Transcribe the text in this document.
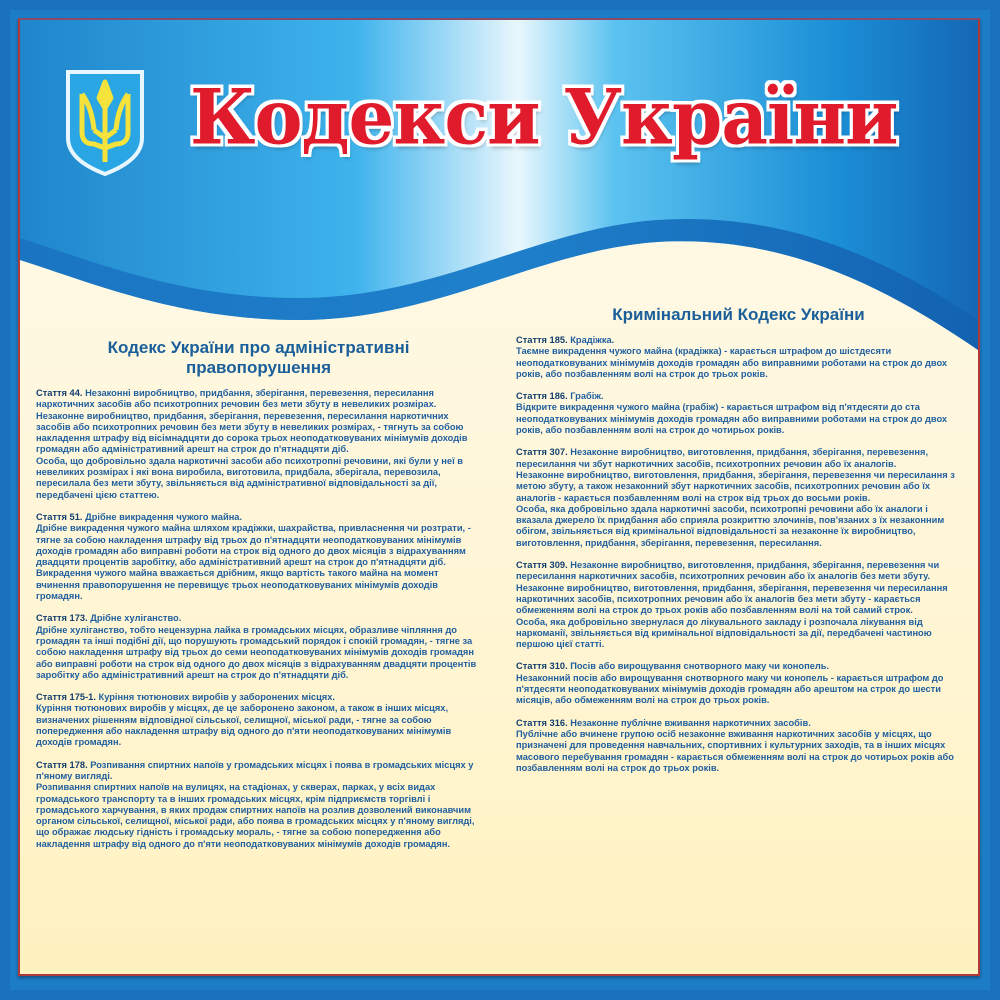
Кодекси України
Кодекс України про адміністративні правопорушення
Стаття 44. Незаконні виробництво, придбання, зберігання, перевезення, пересилання наркотичних засобів або психотропних речовин без мети збуту в невеликих розмірах.

Незаконне виробництво, придбання, зберігання, перевезення, пересилання наркотичних засобів або психотропних речовин без мети збуту в невеликих розмірах, - тягнуть за собою накладення штрафу від вісімнадцяти до сорока трьох неоподатковуваних мінімумів доходів громадян або адміністративний арешт на строк до п'ятнадцяти діб.

Особа, що добровільно здала наркотичні засоби або психотропні речовини, які були у неї в невеликих розмірах і які вона виробила, виготовила, придбала, зберігала, перевозила, пересилала без мети збуту, звільняється від адміністративної відповідальності за дії, передбачені цією статтею.

Стаття 51. Дрібне викрадення чужого майна.

Дрібне викрадення чужого майна шляхом крадіжки, шахрайства, привласнення чи розтрати, - тягне за собою накладення штрафу від трьох до п'ятнадцяти неоподатковуваних мінімумів доходів громадян або виправні роботи на строк від одного до двох місяців з відрахуванням двадцяти процентів заробітку, або адміністративний арешт на строк до п'ятнадцяти діб.

Викрадення чужого майна вважається дрібним, якщо вартість такого майна на момент вчинення правопорушення не перевищує трьох неоподатковуваних мінімумів доходів громадян.

Стаття 173. Дрібне хуліганство.

Дрібне хуліганство, тобто нецензурна лайка в громадських місцях, образливе чіпляння до громадян та інші подібні дії, що порушують громадський порядок і спокій громадян, - тягне за собою накладення штрафу від трьох до семи неоподатковуваних мінімумів доходів громадян або виправні роботи на строк від одного до двох місяців з відрахуванням двадцяти процентів заробітку або адміністративний арешт на строк до п'ятнадцяти діб.

Стаття 175-1. Куріння тютюнових виробів у заборонених місцях.

Куріння тютюнових виробів у місцях, де це заборонено законом, а також в інших місцях, визначених рішенням відповідної сільської, селищної, міської ради, - тягне за собою попередження або накладення штрафу від одного до п'яти неоподатковуваних мінімумів доходів громадян.

Стаття 178. Розпивання спиртних напоїв у громадських місцях і поява в громадських місцях у п'яному вигляді.

Розпивання спиртних напоїв на вулицях, на стадіонах, у скверах, парках, у всіх видах громадського транспорту та в інших громадських місцях, крім підприємств торгівлі і громадського харчування, в яких продаж спиртних напоїв на розлив дозволений виконавчим органом сільської, селищної, міської ради, або поява в громадських місцях у п'яному вигляді, що ображає людську гідність і громадську мораль, - тягне за собою попередження або накладення штрафу від одного до п'яти неоподатковуваних мінімумів доходів громадян.

Кримінальний Кодекс України
Стаття 185. Крадіжка.

Таємне викрадення чужого майна (крадіжка) - карається штрафом до шістдесяти неоподатковуваних мінімумів доходів громадян або виправними роботами на строк до двох років, або позбавленням волі на строк до трьох років.

Стаття 186. Грабіж.

Відкрите викрадення чужого майна (грабіж) - карається штрафом від п'ятдесяти до ста неоподатковуваних мінімумів доходів громадян або виправними роботами на строк до двох років, або позбавленням волі на строк до чотирьох років.

Стаття 307. Незаконне виробництво, виготовлення, придбання, зберігання, перевезення, пересилання чи збут наркотичних засобів, психотропних речовин або їх аналогів.

Незаконне виробництво, виготовлення, придбання, зберігання, перевезення чи пересилання з метою збуту, а також незаконний збут наркотичних засобів, психотропних речовин або їх аналогів - карається позбавленням волі на строк від трьох до восьми років.

Особа, яка добровільно здала наркотичні засоби, психотропні речовини або їх аналоги і вказала джерело їх придбання або сприяла розкриттю злочинів, пов'язаних з їх незаконним обігом, звільняється від кримінальної відповідальності за незаконне їх виробництво, виготовлення, придбання, зберігання, перевезення, пересилання.

Стаття 309. Незаконне виробництво, виготовлення, придбання, зберігання, перевезення чи пересилання наркотичних засобів, психотропних речовин або їх аналогів без мети збуту.

Незаконне виробництво, виготовлення, придбання, зберігання, перевезення чи пересилання наркотичних засобів, психотропних речовин або їх аналогів без мети збуту - карається обмеженням волі на строк до трьох років або позбавленням волі на той самий строк.

Особа, яка добровільно звернулася до лікувального закладу і розпочала лікування від наркоманії, звільняється від кримінальної відповідальності за дії, передбачені частиною першою цієї статті.

Стаття 310. Посів або вирощування снотворного маку чи конопель.

Незаконний посів або вирощування снотворного маку чи конопель - карається штрафом до п'ятдесяти неоподатковуваних мінімумів доходів громадян або арештом на строк до шести місяців, або обмеженням волі на строк до трьох років.

Стаття 316. Незаконне публічне вживання наркотичних засобів.

Публічне або вчинене групою осіб незаконне вживання наркотичних засобів у місцях, що призначені для проведення навчальних, спортивних і культурних заходів, та в інших місцях масового перебування громадян - карається обмеженням волі на строк до чотирьох років або позбавленням волі на строк до трьох років.
